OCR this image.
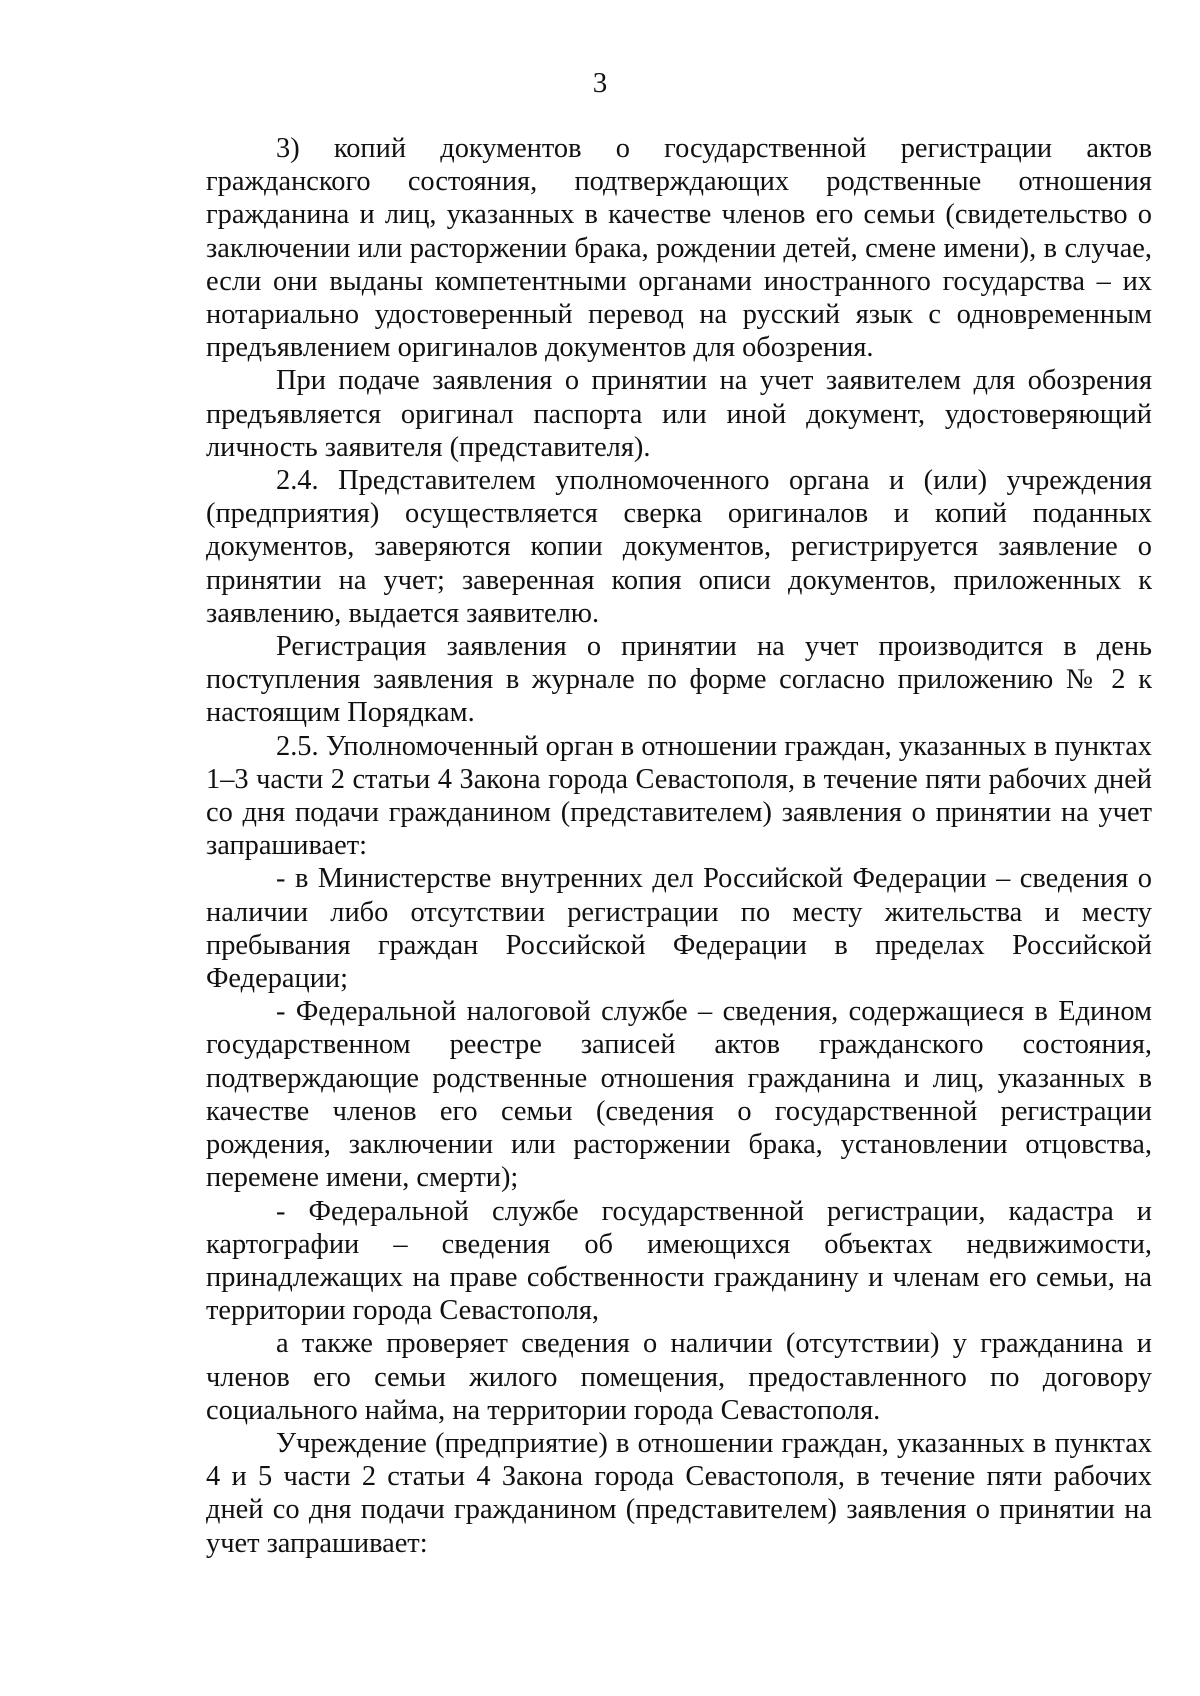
3

3) копий документов о государственной регистрации актов гражданского состояния, подтверждающих родственные отношения гражданина и лиц, указанных в качестве членов его семьи (свидетельство о заключении или расторжении брака, рождении детей, смене имени), в случае, если они выданы компетентными органами иностранного государства – их нотариально удостоверенный перевод на русский язык с одновременным предъявлением оригиналов документов для обозрения.

При подаче заявления о принятии на учет заявителем для обозрения предъявляется оригинал паспорта или иной документ, удостоверяющий личность заявителя (представителя).

2.4. Представителем уполномоченного органа и (или) учреждения (предприятия) осуществляется сверка оригиналов и копий поданных документов, заверяются копии документов, регистрируется заявление о принятии на учет; заверенная копия описи документов, приложенных к заявлению, выдается заявителю.

Регистрация заявления о принятии на учет производится в день поступления заявления в журнале по форме согласно приложению № 2 к настоящим Порядкам.

2.5. Уполномоченный орган в отношении граждан, указанных в пунктах 1–3 части 2 статьи 4 Закона города Севастополя, в течение пяти рабочих дней со дня подачи гражданином (представителем) заявления о принятии на учет запрашивает:

- в Министерстве внутренних дел Российской Федерации – сведения о наличии либо отсутствии регистрации по месту жительства и месту пребывания граждан Российской Федерации в пределах Российской Федерации;

- Федеральной налоговой службе – сведения, содержащиеся в Едином государственном реестре записей актов гражданского состояния, подтверждающие родственные отношения гражданина и лиц, указанных в качестве членов его семьи (сведения о государственной регистрации рождения, заключении или расторжении брака, установлении отцовства, перемене имени, смерти);

- Федеральной службе государственной регистрации, кадастра и картографии – сведения об имеющихся объектах недвижимости, принадлежащих на праве собственности гражданину и членам его семьи, на территории города Севастополя,

а также проверяет сведения о наличии (отсутствии) у гражданина и членов его семьи жилого помещения, предоставленного по договору социального найма, на территории города Севастополя.

Учреждение (предприятие) в отношении граждан, указанных в пунктах 4 и 5 части 2 статьи 4 Закона города Севастополя, в течение пяти рабочих дней со дня подачи гражданином (представителем) заявления о принятии на учет запрашивает:
